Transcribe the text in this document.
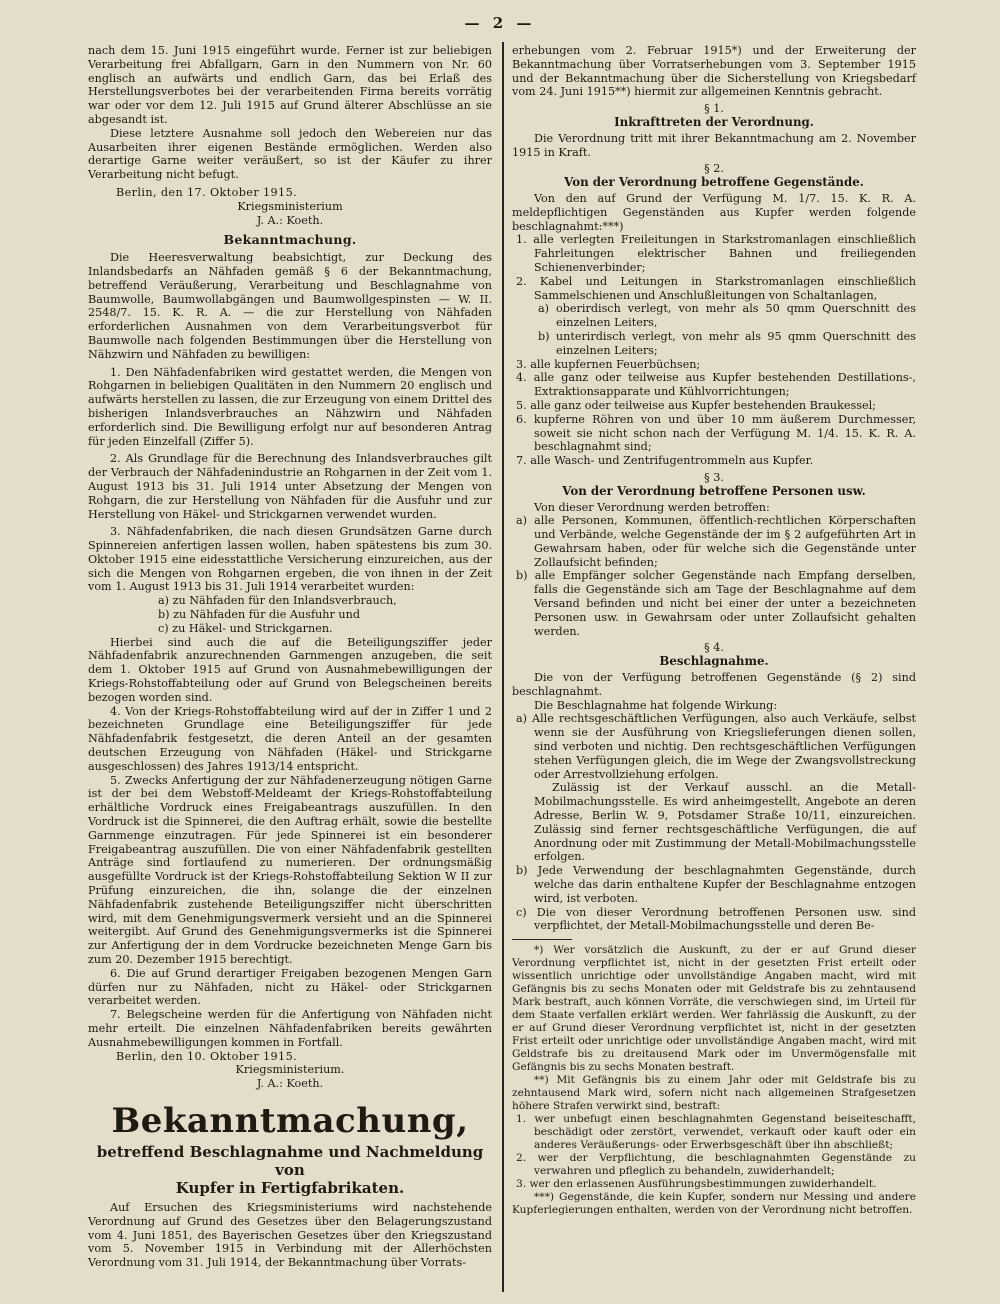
— 2 —

nach dem 15. Juni 1915 eingeführt wurde. Ferner ist zur beliebigen Verarbeitung frei Abfallgarn, Garn in den Nummern von Nr. 60 englisch an aufwärts und endlich Garn, das bei Erlaß des Herstellungsverbotes bei der verarbeitenden Firma bereits vorrätig war oder vor dem 12. Juli 1915 auf Grund älterer Abschlüsse an sie abgesandt ist.

Diese letztere Ausnahme soll jedoch den Webereien nur das Ausarbeiten ihrer eigenen Bestände ermöglichen. Werden also derartige Garne weiter veräußert, so ist der Käufer zu ihrer Verarbeitung nicht befugt.

Berlin, den 17. Oktober 1915.

Kriegsministerium

J. A.: Koeth.

Bekanntmachung.

Die Heeresverwaltung beabsichtigt, zur Deckung des Inlandsbedarfs an Nähfaden gemäß § 6 der Bekanntmachung, betreffend Veräußerung, Verarbeitung und Beschlagnahme von Baumwolle, Baumwollabgängen und Baumwollgespinsten — W. II. 2548/7. 15. K. R. A. — die zur Herstellung von Nähfaden erforderlichen Ausnahmen von dem Verarbeitungsverbot für Baumwolle nach folgenden Bestimmungen über die Herstellung von Nähzwirn und Nähfaden zu bewilligen:

1. Den Nähfadenfabriken wird gestattet werden, die Mengen von Rohgarnen in beliebigen Qualitäten in den Nummern 20 englisch und aufwärts herstellen zu lassen, die zur Erzeugung von einem Drittel des bisherigen Inlandsverbrauches an Nähzwirn und Nähfaden erforderlich sind. Die Bewilligung erfolgt nur auf besonderen Antrag für jeden Einzelfall (Ziffer 5).

2. Als Grundlage für die Berechnung des Inlandsverbrauches gilt der Verbrauch der Nähfadenindustrie an Rohgarnen in der Zeit vom 1. August 1913 bis 31. Juli 1914 unter Absetzung der Mengen von Rohgarn, die zur Herstellung von Nähfaden für die Ausfuhr und zur Herstellung von Häkel- und Strickgarnen verwendet wurden.

3. Nähfadenfabriken, die nach diesen Grundsätzen Garne durch Spinnereien anfertigen lassen wollen, haben spätestens bis zum 30. Oktober 1915 eine eidesstattliche Versicherung einzureichen, aus der sich die Mengen von Rohgarnen ergeben, die von ihnen in der Zeit vom 1. August 1913 bis 31. Juli 1914 verarbeitet wurden:

a) zu Nähfaden für den Inlandsverbrauch,

b) zu Nähfaden für die Ausfuhr und

c) zu Häkel- und Strickgarnen.

Hierbei sind auch die auf die Beteiligungsziffer jeder Nähfadenfabrik anzurechnenden Garnmengen anzugeben, die seit dem 1. Oktober 1915 auf Grund von Ausnahmebewilligungen der Kriegs-Rohstoffabteilung oder auf Grund von Belegscheinen bereits bezogen worden sind.

4. Von der Kriegs-Rohstoffabteilung wird auf der in Ziffer 1 und 2 bezeichneten Grundlage eine Beteiligungsziffer für jede Nähfadenfabrik festgesetzt, die deren Anteil an der gesamten deutschen Erzeugung von Nähfaden (Häkel- und Strickgarne ausgeschlossen) des Jahres 1913/14 entspricht.

5. Zwecks Anfertigung der zur Nähfadenerzeugung nötigen Garne ist der bei dem Webstoff-Meldeamt der Kriegs-Rohstoffabteilung erhältliche Vordruck eines Freigabeantrags auszufüllen. In den Vordruck ist die Spinnerei, die den Auftrag erhält, sowie die bestellte Garnmenge einzutragen. Für jede Spinnerei ist ein besonderer Freigabeantrag auszufüllen. Die von einer Nähfadenfabrik gestellten Anträge sind fortlaufend zu numerieren. Der ordnungsmäßig ausgefüllte Vordruck ist der Kriegs-Rohstoffabteilung Sektion W II zur Prüfung einzureichen, die ihn, solange die der einzelnen Nähfadenfabrik zustehende Beteiligungsziffer nicht überschritten wird, mit dem Genehmigungsvermerk versieht und an die Spinnerei weitergibt. Auf Grund des Genehmigungsvermerks ist die Spinnerei zur Anfertigung der in dem Vordrucke bezeichneten Menge Garn bis zum 20. Dezember 1915 berechtigt.

6. Die auf Grund derartiger Freigaben bezogenen Mengen Garn dürfen nur zu Nähfaden, nicht zu Häkel- oder Strickgarnen verarbeitet werden.

7. Belegscheine werden für die Anfertigung von Nähfaden nicht mehr erteilt. Die einzelnen Nähfadenfabriken bereits gewährten Ausnahmebewilligungen kommen in Fortfall.

Berlin, den 10. Oktober 1915.

Kriegsministerium.

J. A.: Koeth.

Bekanntmachung,
betreffend Beschlagnahme und Nachmeldung von
Kupfer in Fertigfabrikaten.

Auf Ersuchen des Kriegsministeriums wird nachstehende Verordnung auf Grund des Gesetzes über den Belagerungszustand vom 4. Juni 1851, des Bayerischen Gesetzes über den Kriegszustand vom 5. November 1915 in Verbindung mit der Allerhöchsten Verordnung vom 31. Juli 1914, der Bekanntmachung über Vorrats-

erhebungen vom 2. Februar 1915*) und der Erweiterung der Bekanntmachung über Vorratserhebungen vom 3. September 1915 und der Bekanntmachung über die Sicherstellung von Kriegsbedarf vom 24. Juni 1915**) hiermit zur allgemeinen Kenntnis gebracht.

§ 1.
Inkrafttreten der Verordnung.

Die Verordnung tritt mit ihrer Bekanntmachung am 2. November 1915 in Kraft.

§ 2.
Von der Verordnung betroffene Gegenstände.

Von den auf Grund der Verfügung M. 1/7. 15. K. R. A. meldepflichtigen Gegenständen aus Kupfer werden folgende beschlagnahmt:***)

1. alle verlegten Freileitungen in Starkstromanlagen einschließlich Fahrleitungen elektrischer Bahnen und freiliegenden Schienenverbinder;

2. Kabel und Leitungen in Starkstromanlagen einschließlich Sammelschienen und Anschlußleitungen von Schaltanlagen,

a) oberirdisch verlegt, von mehr als 50 qmm Querschnitt des einzelnen Leiters,

b) unterirdisch verlegt, von mehr als 95 qmm Querschnitt des einzelnen Leiters;

3. alle kupfernen Feuerbüchsen;

4. alle ganz oder teilweise aus Kupfer bestehenden Destillations-, Extraktionsapparate und Kühlvorrichtungen;

5. alle ganz oder teilweise aus Kupfer bestehenden Braukessel;

6. kupferne Röhren von und über 10 mm äußerem Durchmesser, soweit sie nicht schon nach der Verfügung M. 1/4. 15. K. R. A. beschlagnahmt sind;

7. alle Wasch- und Zentrifugentrommeln aus Kupfer.

§ 3.
Von der Verordnung betroffene Personen usw.

Von dieser Verordnung werden betroffen:

a) alle Personen, Kommunen, öffentlich-rechtlichen Körperschaften und Verbände, welche Gegenstände der im § 2 aufgeführten Art in Gewahrsam haben, oder für welche sich die Gegenstände unter Zollaufsicht befinden;

b) alle Empfänger solcher Gegenstände nach Empfang derselben, falls die Gegenstände sich am Tage der Beschlagnahme auf dem Versand befinden und nicht bei einer der unter a bezeichneten Personen usw. in Gewahrsam oder unter Zollaufsicht gehalten werden.

§ 4.
Beschlagnahme.

Die von der Verfügung betroffenen Gegenstände (§ 2) sind beschlagnahmt.

Die Beschlagnahme hat folgende Wirkung:

a) Alle rechtsgeschäftlichen Verfügungen, also auch Verkäufe, selbst wenn sie der Ausführung von Kriegslieferungen dienen sollen, sind verboten und nichtig. Den rechtsgeschäftlichen Verfügungen stehen Verfügungen gleich, die im Wege der Zwangsvollstreckung oder Arrestvollziehung erfolgen.

Zulässig ist der Verkauf ausschl. an die Metall-Mobilmachungsstelle. Es wird anheimgestellt, Angebote an deren Adresse, Berlin W. 9, Potsdamer Straße 10/11, einzureichen. Zulässig sind ferner rechtsgeschäftliche Verfügungen, die auf Anordnung oder mit Zustimmung der Metall-Mobilmachungsstelle erfolgen.

b) Jede Verwendung der beschlagnahmten Gegenstände, durch welche das darin enthaltene Kupfer der Beschlagnahme entzogen wird, ist verboten.

c) Die von dieser Verordnung betroffenen Personen usw. sind verpflichtet, der Metall-Mobilmachungsstelle und deren Be-

*) Wer vorsätzlich die Auskunft, zu der er auf Grund dieser Verordnung verpflichtet ist, nicht in der gesetzten Frist erteilt oder wissentlich unrichtige oder unvollständige Angaben macht, wird mit Gefängnis bis zu sechs Monaten oder mit Geldstrafe bis zu zehntausend Mark bestraft, auch können Vorräte, die verschwiegen sind, im Urteil für dem Staate verfallen erklärt werden. Wer fahrlässig die Auskunft, zu der er auf Grund dieser Verordnung verpflichtet ist, nicht in der gesetzten Frist erteilt oder unrichtige oder unvollständige Angaben macht, wird mit Geldstrafe bis zu dreitausend Mark oder im Unvermögensfalle mit Gefängnis bis zu sechs Monaten bestraft.

**) Mit Gefängnis bis zu einem Jahr oder mit Geldstrafe bis zu zehntausend Mark wird, sofern nicht nach allgemeinen Strafgesetzen höhere Strafen verwirkt sind, bestraft:

1. wer unbefugt einen beschlagnahmten Gegenstand beiseiteschafft, beschädigt oder zerstört, verwendet, verkauft oder kauft oder ein anderes Veräußerungs- oder Erwerbsgeschäft über ihn abschließt;

2. wer der Verpflichtung, die beschlagnahmten Gegenstände zu verwahren und pfleglich zu behandeln, zuwiderhandelt;

3. wer den erlassenen Ausführungsbestimmungen zuwiderhandelt.

***) Gegenstände, die kein Kupfer, sondern nur Messing und andere Kupferlegierungen enthalten, werden von der Verordnung nicht betroffen.
